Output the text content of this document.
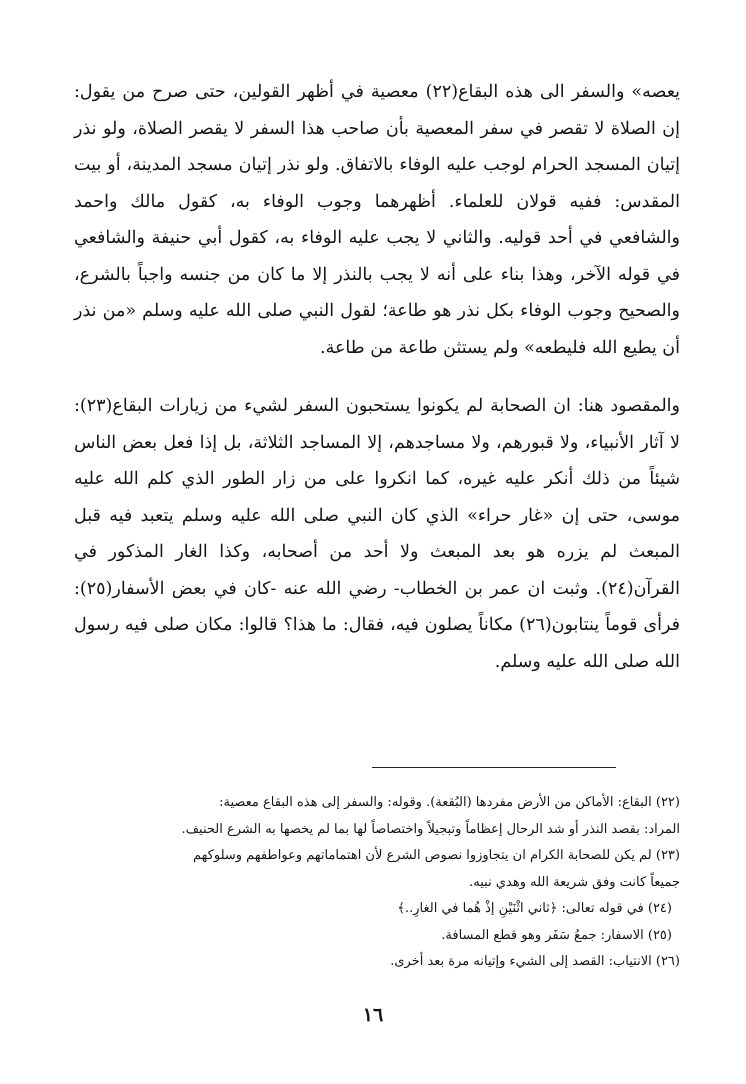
يعصه» والسفر الى هذه البقاع(٢٢) معصية في أظهر القولين، حتى صرح من يقول: إن الصلاة لا تقصر في سفر المعصية بأن صاحب هذا السفر لا يقصر الصلاة، ولو نذر إتيان المسجد الحرام لوجب عليه الوفاء بالاتفاق. ولو نذر إتيان مسجد المدينة، أو بيت المقدس: ففيه قولان للعلماء. أظهرهما وجوب الوفاء به، كقول مالك واحمد والشافعي في أحد قوليه. والثاني لا يجب عليه الوفاء به، كقول أبي حنيفة والشافعي في قوله الآخر، وهذا بناء على أنه لا يجب بالنذر إلا ما كان من جنسه واجباً بالشرع، والصحيح وجوب الوفاء بكل نذر هو طاعة؛ لقول النبي صلى الله عليه وسلم «من نذر أن يطيع الله فليطعه» ولم يستثن طاعة من طاعة.

والمقصود هنا: ان الصحابة لم يكونوا يستحبون السفر لشيء من زيارات البقاع(٢٣): لا آثار الأنبياء، ولا قبورهم، ولا مساجدهم، إلا المساجد الثلاثة، بل إذا فعل بعض الناس شيئاً من ذلك أنكر عليه غيره، كما انكروا على من زار الطور الذي كلم الله عليه موسى، حتى إن «غار حراء» الذي كان النبي صلى الله عليه وسلم يتعبد فيه قبل المبعث لم يزره هو بعد المبعث ولا أحد من أصحابه، وكذا الغار المذكور في القرآن(٢٤). وثبت ان عمر بن الخطاب- رضي الله عنه -كان في بعض الأسفار(٢٥): فرأى قوماً ينتابون(٢٦) مكاناً يصلون فيه، فقال: ما هذا؟ قالوا: مكان صلى فيه رسول الله صلى الله عليه وسلم.

(٢٢) البقاع: الأماكن من الأرض مفردها (البُقعة). وقوله: والسفر إلى هذه البقاع معصية:

المراد: بقصد النذر أو شد الرحال إعظاماً وتبجيلاً واختصاصاً لها بما لم يخصها به الشرع الحنيف.

(٢٣) لم يكن للصحابة الكرام ان يتجاوزوا نصوص الشرع لأن اهتماماتهم وعواطفهم وسلوكهم

جميعاً كانت وفق شريعة الله وهدي نبيه.

(٢٤) في قوله تعالى: ﴿ثاني اثْنَيْنِ إذْ هُما في الغارِ..﴾

(٢٥) الاسفار: جمعُ سَفَر وهو قطع المسافة.

(٢٦) الانتياب: القصد إلى الشيء وإتيانه مرة بعد أخرى.

١٦
